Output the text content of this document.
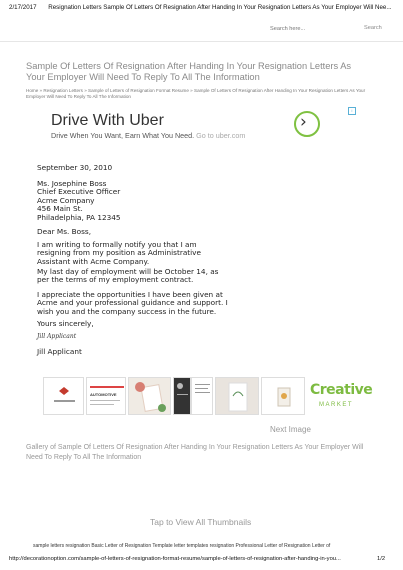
2/17/2017 Resignation Letters Sample Of Letters Of Resignation After Handing In Your Resignation Letters As Your Employer Will Nee...
Search here...
Search
Sample Of Letters Of Resignation After Handing In Your Resignation Letters As Your Employer Will Need To Reply To All The Information
Home » Resignation Letters » Sample of Letters of Resignation Format Resume » Sample Of Letters Of Resignation After Handing In Your Resignation Letters As Your Employer Will Need To Reply To All The Information
i
Drive With Uber
Drive When You Want, Earn What You Need. Go to uber.com
›
September 30, 2010
Ms. Josephine Boss
Chief Executive Officer
Acme Company
456 Main St.
Philadelphia, PA 12345
Dear Ms. Boss,
I am writing to formally notify you that I am
resigning from my position as Administrative
Assistant with Acme Company.
My last day of employment will be October 14, as
per the terms of my employment contract.
I appreciate the opportunities I have been given at
Acme and your professional guidance and support. I
wish you and the company success in the future.
Yours sincerely,
Jill Applicant
Jill Applicant
AUTOMOTIVE	Creative
MARKET
Next Image
Gallery of Sample Of Letters Of Resignation After Handing In Your Resignation Letters As Your Employer Will Need To Reply To All The Information
Tap to View All Thumbnails
sample letters resignation Basic Letter of Resignation Template letter templates resignation Professional Letter of Resignation Letter of
http://decorationoption.com/sample-of-letters-of-resignation-format-resume/sample-of-letters-of-resignation-after-handing-in-you...	1/2
